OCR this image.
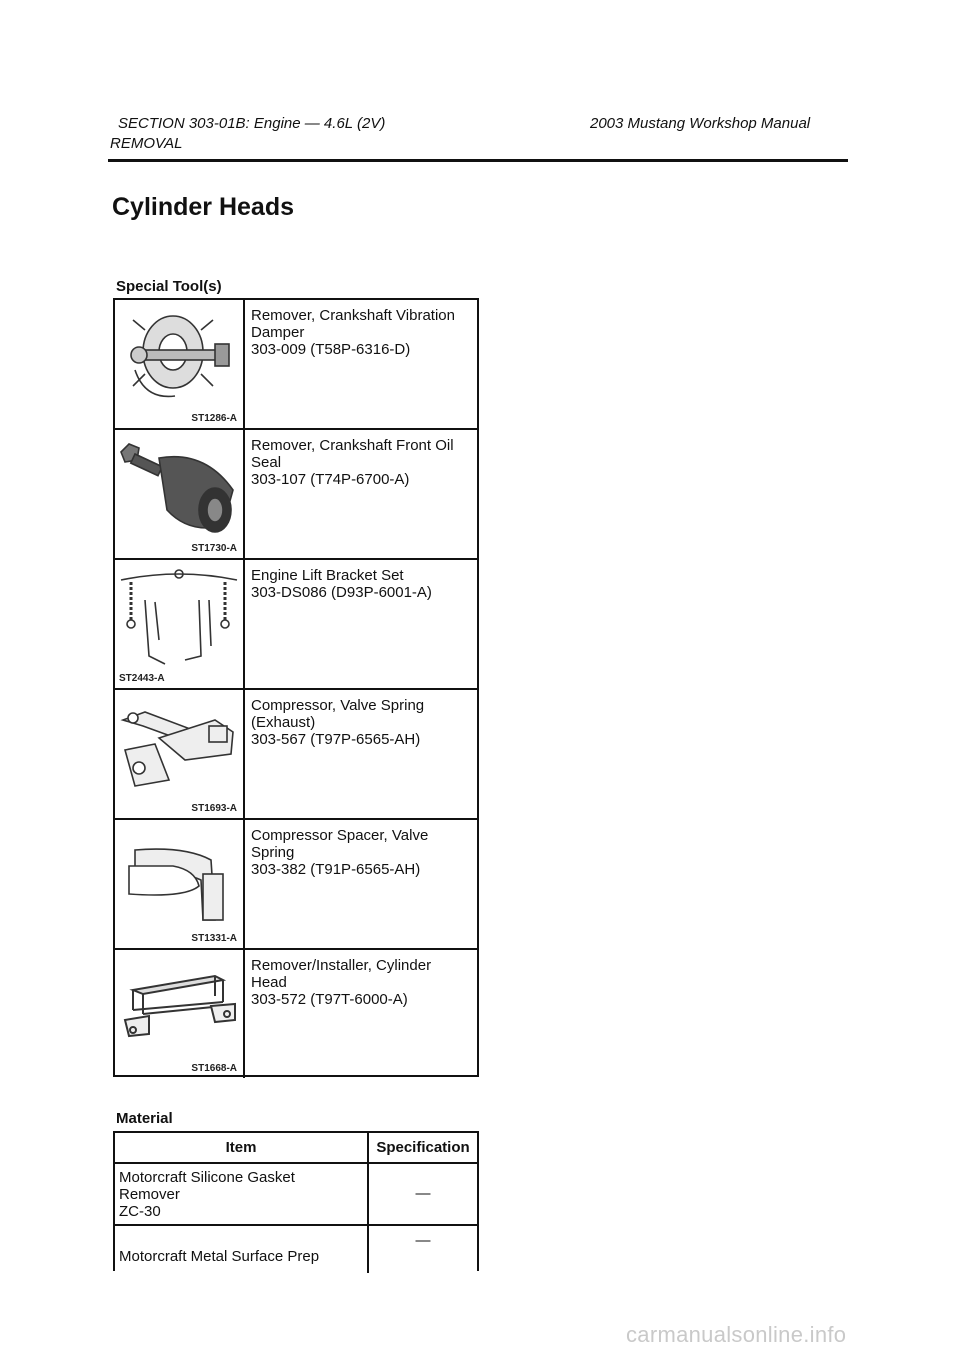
SECTION 303-01B: Engine — 4.6L (2V)	2003 Mustang Workshop Manual
REMOVAL
Cylinder Heads
Special Tool(s)
ST1286-A
Remover, Crankshaft Vibration
Damper
303-009 (T58P-6316-D)
ST1730-A
Remover, Crankshaft Front Oil
Seal
303-107 (T74P-6700-A)
ST2443-A
Engine Lift Bracket Set
303-DS086 (D93P-6001-A)
ST1693-A
Compressor, Valve Spring
(Exhaust)
303-567 (T97P-6565-AH)
ST1331-A
Compressor Spacer, Valve
Spring
303-382 (T91P-6565-AH)
ST1668-A
Remover/Installer, Cylinder
Head
303-572 (T97T-6000-A)
Material
Item	Specification
Motorcraft Silicone Gasket
Remover
ZC-30
—
Motorcraft Metal Surface Prep
—
carmanualsonline.info
